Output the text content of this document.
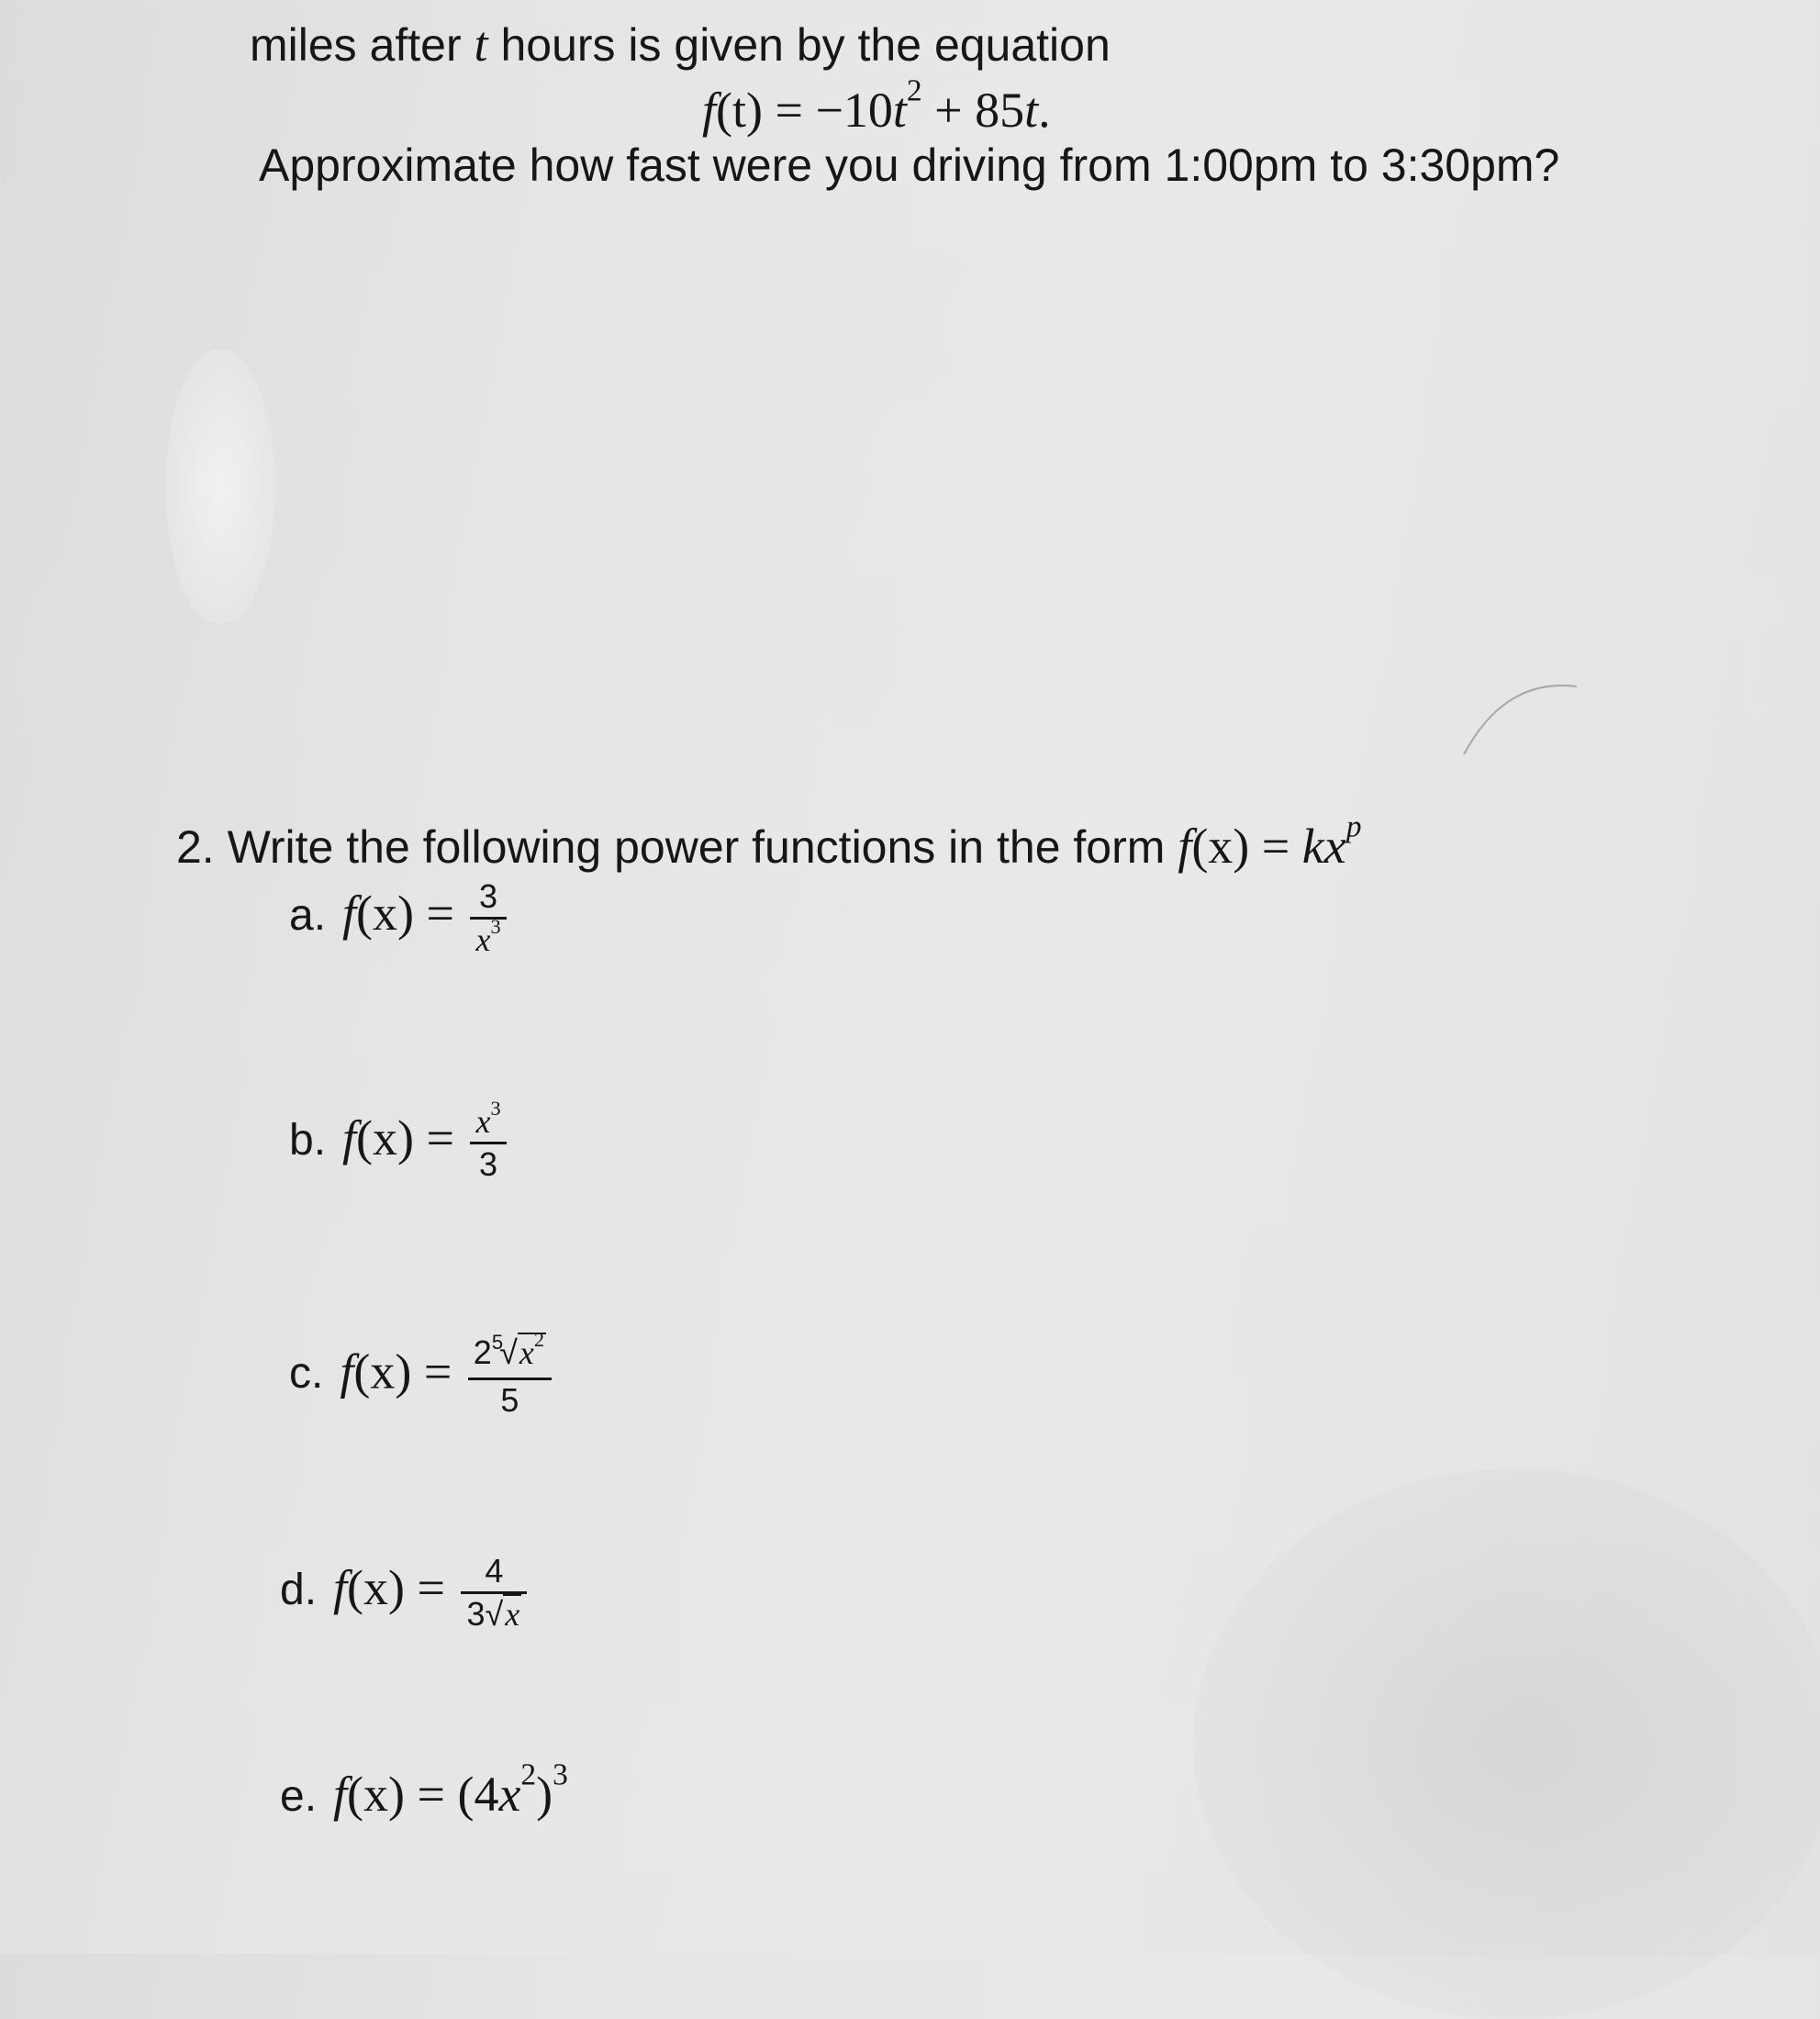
miles after t hours is given by the equation
$f(t) = -10t^2 + 85t$.
Approximate how fast were you driving from 1:00pm to 3:30pm?
2. Write the following power functions in the form $f(x) = kx^p$
a. $f(x) = \frac{3}{x^3}$
b. $f(x) = \frac{x^3}{3}$
c. $f(x) = \frac{2^5√x^2}{5}$
d. $f(x) = \frac{4}{3√x}$
e. $f(x) = (4x^2)^3$
